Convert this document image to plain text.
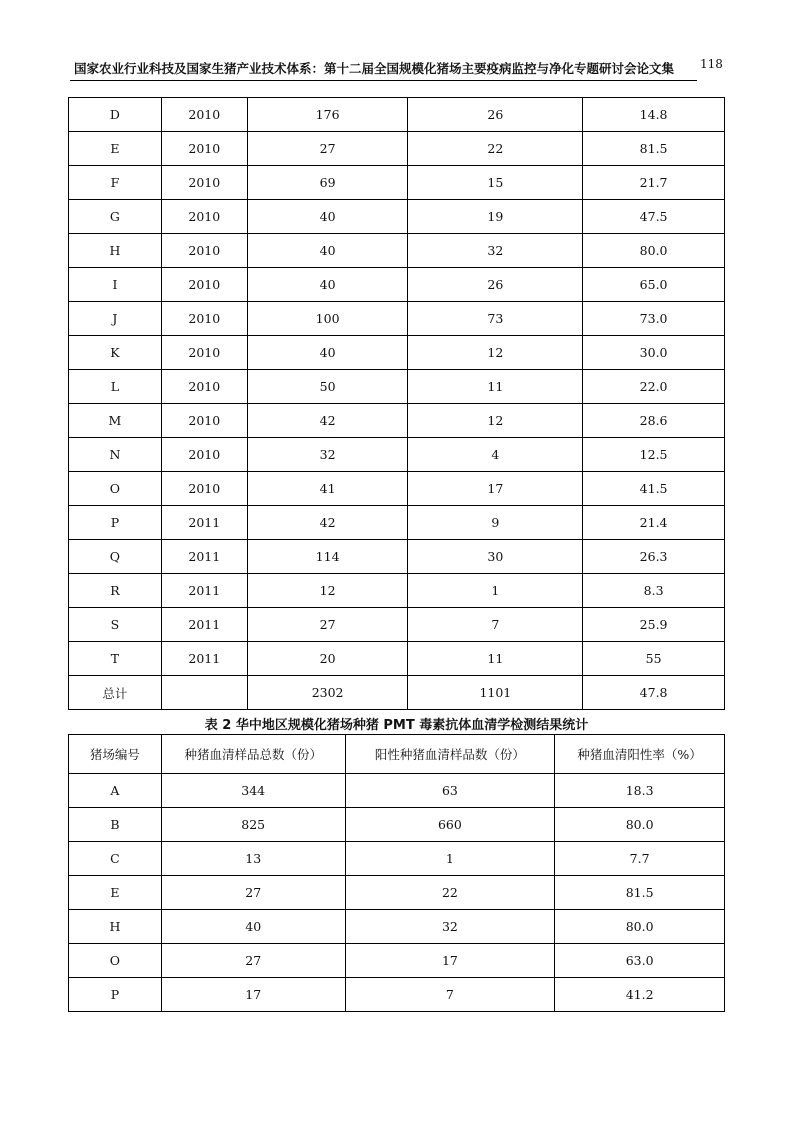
国家农业行业科技及国家生猪产业技术体系：第十二届全国规模化猪场主要疫病监控与净化专题研讨会论文集 118
D	2010	176	26	14.8
E	2010	27	22	81.5
F	2010	69	15	21.7
G	2010	40	19	47.5
H	2010	40	32	80.0
I	2010	40	26	65.0
J	2010	100	73	73.0
K	2010	40	12	30.0
L	2010	50	11	22.0
M	2010	42	12	28.6
N	2010	32	4	12.5
O	2010	41	17	41.5
P	2011	42	9	21.4
Q	2011	114	30	26.3
R	2011	12	1	8.3
S	2011	27	7	25.9
T	2011	20	11	55
总计		2302	1101	47.8
表 2 华中地区规模化猪场种猪 PMT 毒素抗体血清学检测结果统计
猪场编号	种猪血清样品总数（份）	阳性种猪血清样品数（份）	种猪血清阳性率（%）
A	344	63	18.3
B	825	660	80.0
C	13	1	7.7
E	27	22	81.5
H	40	32	80.0
O	27	17	63.0
P	17	7	41.2
